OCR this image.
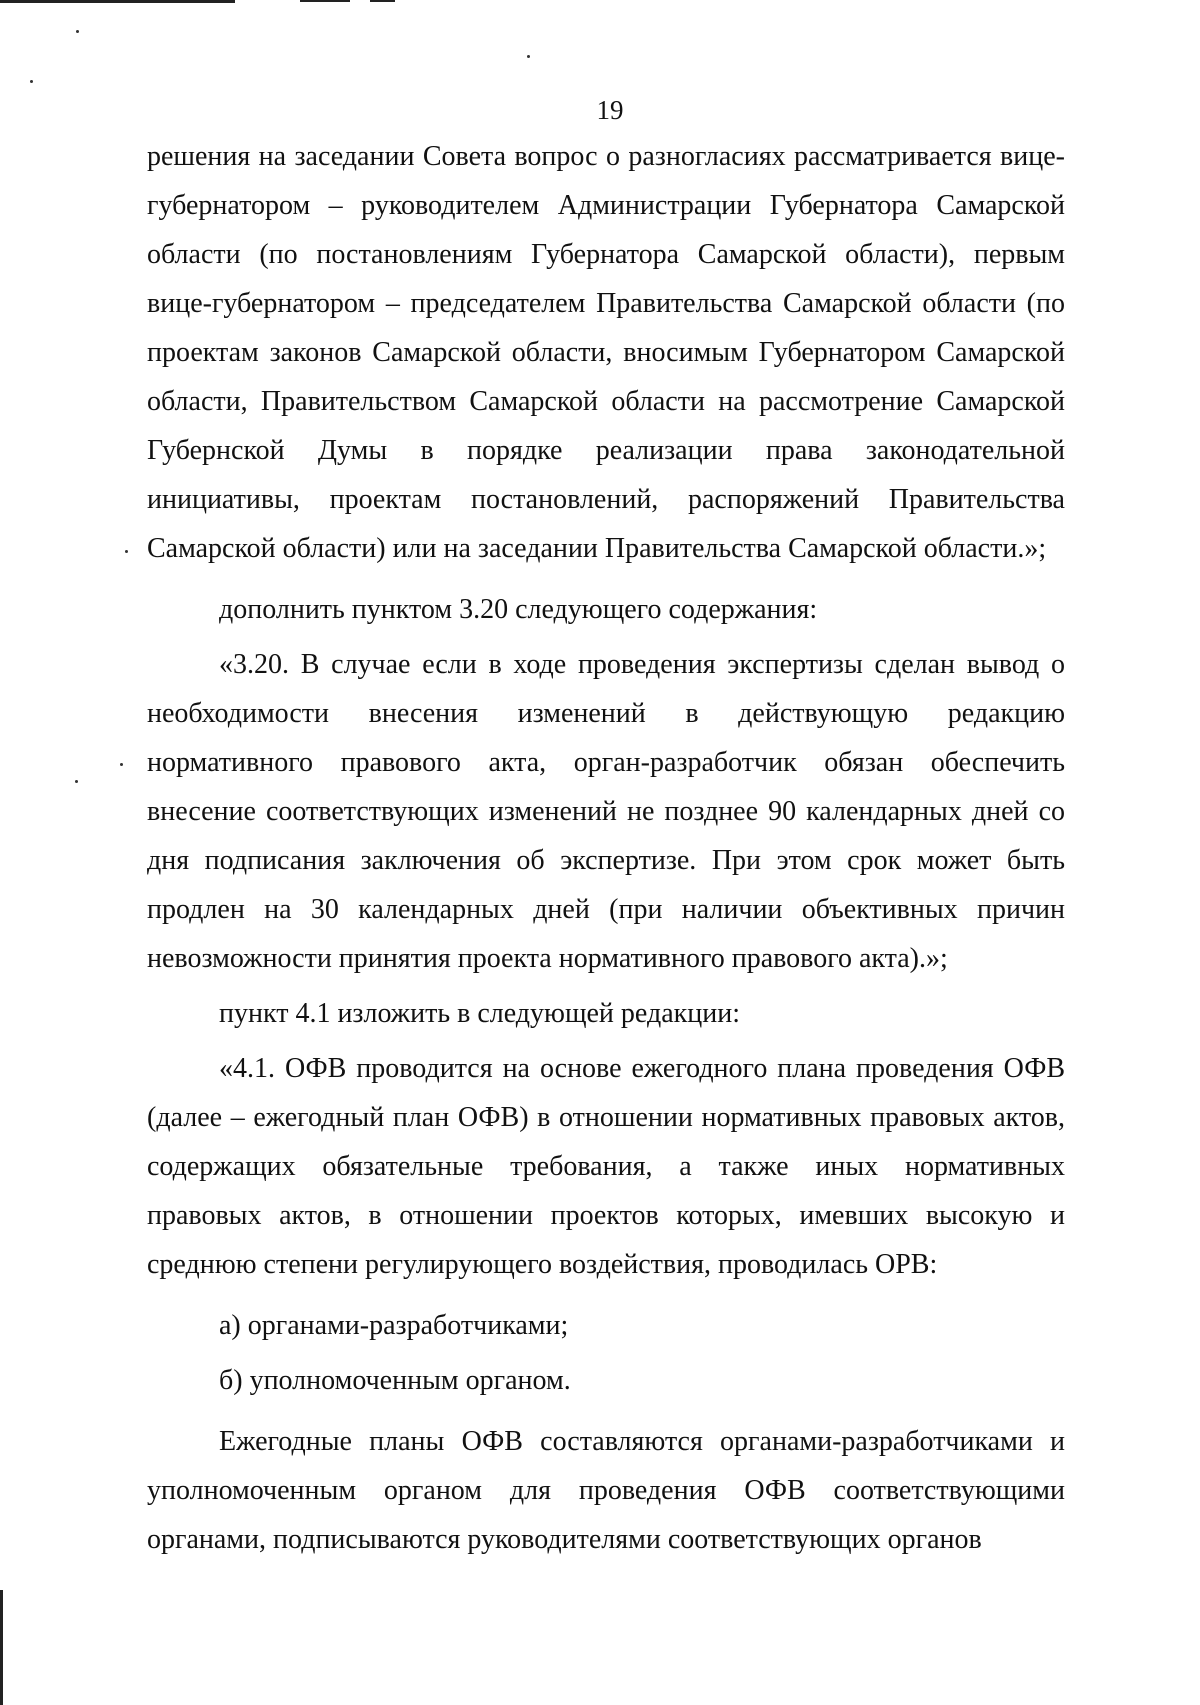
19

решения на заседании Совета вопрос о разногласиях рассматривается вице-губернатором – руководителем Администрации Губернатора Самарской области (по постановлениям Губернатора Самарской области), первым вице-губернатором – председателем Правительства Самарской области (по проектам законов Самарской области, вносимым Губернатором Самарской области, Правительством Самарской области на рассмотрение Самарской Губернской Думы в порядке реализации права законодательной инициативы, проектам постановлений, распоряжений Правительства Самарской области) или на заседании Правительства Самарской области.»;

дополнить пунктом 3.20 следующего содержания:

«3.20. В случае если в ходе проведения экспертизы сделан вывод о необходимости внесения изменений в действующую редакцию нормативного правового акта, орган-разработчик обязан обеспечить внесение соответствующих изменений не позднее 90 календарных дней со дня подписания заключения об экспертизе. При этом срок может быть продлен на 30 календарных дней (при наличии объективных причин невозможности принятия проекта нормативного правового акта).»;

пункт 4.1 изложить в следующей редакции:

«4.1. ОФВ проводится на основе ежегодного плана проведения ОФВ (далее – ежегодный план ОФВ) в отношении нормативных правовых актов, содержащих обязательные требования, а также иных нормативных правовых актов, в отношении проектов которых, имевших высокую и среднюю степени регулирующего воздействия, проводилась ОРВ:

а) органами-разработчиками;

б) уполномоченным органом.

Ежегодные планы ОФВ составляются органами-разработчиками и уполномоченным органом для проведения ОФВ соответствующими органами, подписываются руководителями соответствующих органов
